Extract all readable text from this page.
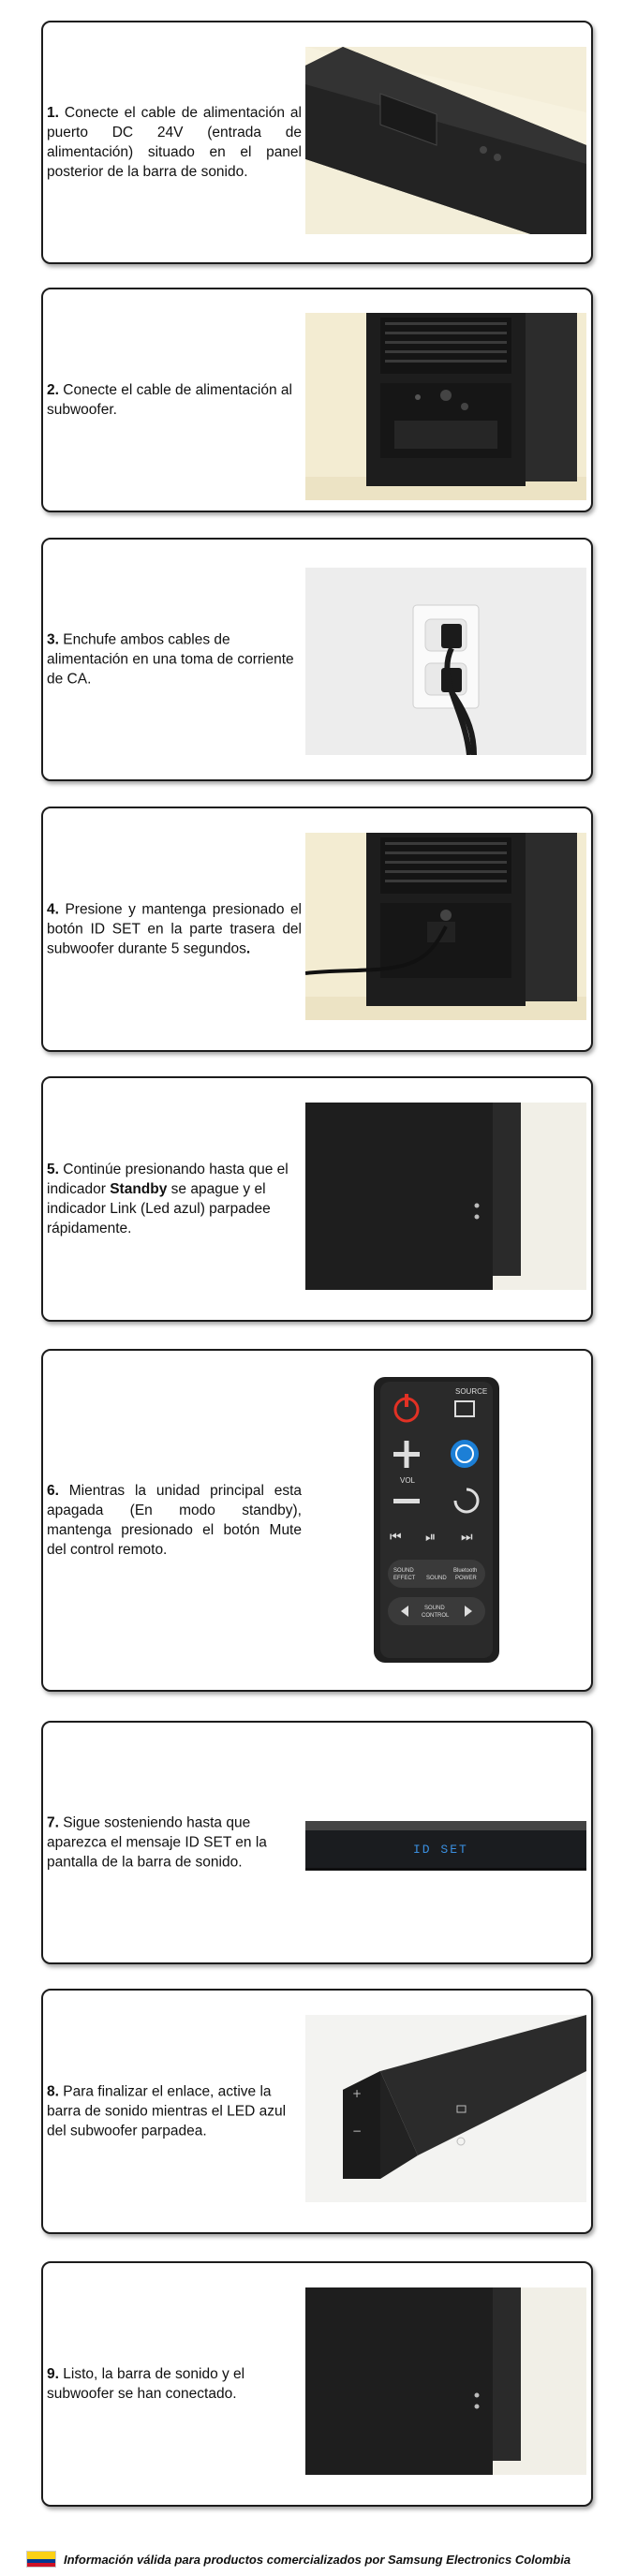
1. Conecte el cable de alimentación al puerto DC 24V (entrada de alimentación) situado en el panel posterior de la barra de sonido.

2. Conecte el cable de alimentación al subwoofer.

3. Enchufe ambos cables de alimentación en una toma de corriente de CA.

4. Presione y mantenga presionado el botón ID SET en la parte trasera del subwoofer durante 5 segundos.

5. Continúe presionando hasta que el indicador Standby se apague y el indicador Link (Led azul) parpadee rápidamente.

6. Mientras la unidad principal esta apagada (En modo standby), mantenga presionado el botón Mute del control remoto.

SOURCE
VOL
⏮ ⏯ ⏭
SOUND
EFFECT SOUND
Bluetooth
POWER
SOUND
CONTROL

7. Sigue sosteniendo hasta que aparezca el mensaje ID SET en la pantalla de la barra de sonido.

ID SET

8. Para finalizar el enlace, active la barra de sonido mientras el LED azul del subwoofer parpadea.

+
−

9. Listo, la barra de sonido y el subwoofer se han conectado.

Información válida para productos comercializados por Samsung Electronics Colombia
